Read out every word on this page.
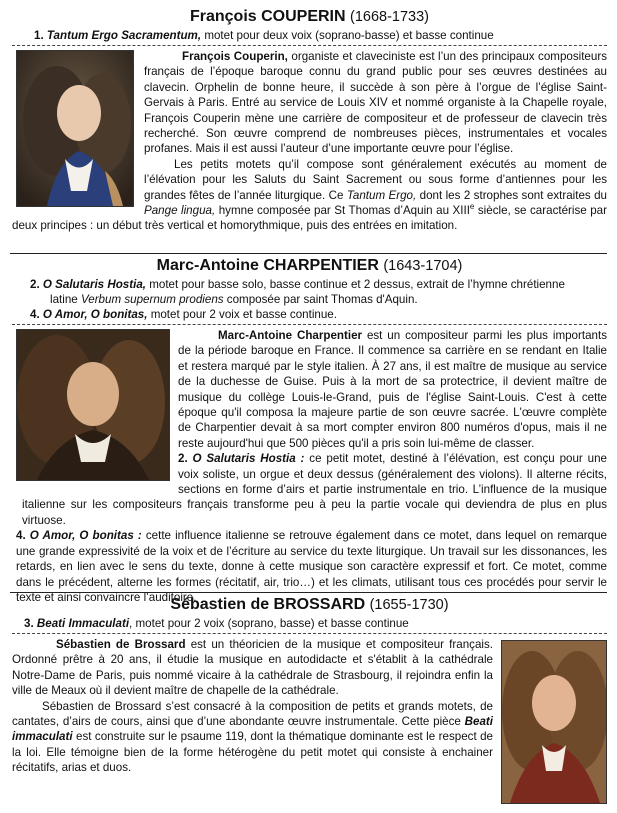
François COUPERIN (1668-1733)

1. Tantum Ergo Sacramentum, motet pour deux voix (soprano-basse) et basse continue

François Couperin, organiste et claveciniste est l’un des principaux compositeurs français de l’époque baroque connu du grand public pour ses œuvres destinées au clavecin. Orphelin de bonne heure, il succède à son père à l’orgue de l’église Saint-Gervais à Paris. Entré au service de Louis XIV et nommé organiste à la Chapelle royale, François Couperin mène une carrière de compositeur et de professeur de clavecin très recherché. Son œuvre comprend de nombreuses pièces, instrumentales et vocales profanes. Mais il est aussi l’auteur d’une importante œuvre pour l’église.

Les petits motets qu’il compose sont généralement exécutés au moment de l’élévation pour les Saluts du Saint Sacrement ou sous forme d’antiennes pour les grandes fêtes de l’année liturgique. Ce Tantum Ergo, dont les 2 strophes sont extraites du Pange lingua, hymne composée par St Thomas d’Aquin au XIIIe siècle, se caractérise par deux principes : un début très vertical et homorythmique, puis des entrées en imitation.

Marc-Antoine CHARPENTIER (1643-1704)

2. O Salutaris Hostia, motet pour basse solo, basse continue et 2 dessus, extrait de l’hymne chrétienne

latine Verbum supernum prodiens composée par saint Thomas d'Aquin.

4. O Amor, O bonitas, motet pour 2 voix et basse continue.

Marc-Antoine Charpentier est un compositeur parmi les plus importants de la période baroque en France. Il commence sa carrière en se rendant en Italie et restera marqué par le style italien. À 27 ans, il est maître de musique au service de la duchesse de Guise. Puis à la mort de sa protectrice, il devient maître de musique du collège Louis-le-Grand, puis de l'église Saint-Louis. C'est à cette époque qu'il composa la majeure partie de son œuvre sacrée. L'œuvre complète de Charpentier devait à sa mort compter environ 800 numéros d'opus, mais il ne reste aujourd'hui que 500 pièces qu'il a pris soin lui-même de classer.

2. O Salutaris Hostia : ce petit motet, destiné à l’élévation, est conçu pour une voix soliste, un orgue et deux dessus (généralement des violons). Il alterne récits, sections en forme d’airs et partie instrumentale en trio. L’influence de la musique italienne sur les compositeurs français transforme peu à peu la partie vocale qui deviendra de plus en plus virtuose.

4. O Amor, O bonitas : cette influence italienne se retrouve également dans ce motet, dans lequel on remarque une grande expressivité de la voix et de l’écriture au service du texte liturgique. Un travail sur les dissonances, les retards, en lien avec le sens du texte, donne à cette musique son caractère expressif et fort. Ce motet, comme dans le précédent, alterne les formes (récitatif, air, trio…) et les climats, utilisant tous ces procédés pour servir le texte et ainsi convaincre l’auditoire.

Sébastien de BROSSARD (1655-1730)

3. Beati Immaculati, motet pour 2 voix (soprano, basse) et basse continue

Sébastien de Brossard est un théoricien de la musique et compositeur français. Ordonné prêtre à 20 ans, il étudie la musique en autodidacte et s'établit à la cathédrale Notre-Dame de Paris, puis nommé vicaire à la cathédrale de Strasbourg, il rejoindra enfin la ville de Meaux où il devient maître de chapelle de la cathédrale.

Sébastien de Brossard s’est consacré à la composition de petits et grands motets, de cantates, d’airs de cours, ainsi que d’une abondante œuvre instrumentale. Cette pièce Beati immaculati est construite sur le psaume 119, dont la thématique dominante est le respect de la loi. Elle témoigne bien de la forme hétérogène du petit motet qui consiste à enchainer récitatifs, arias et duos.
